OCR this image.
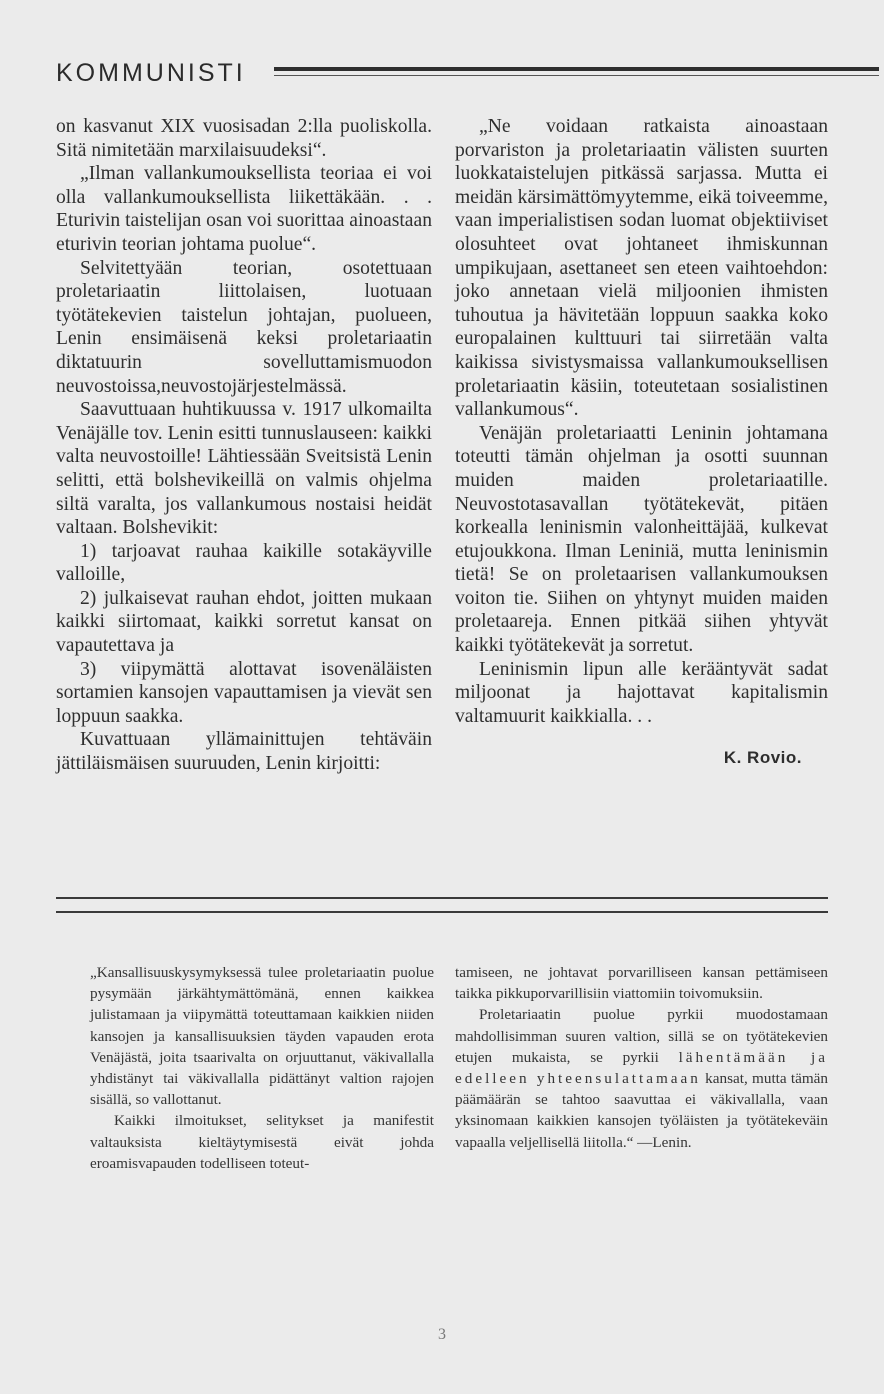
KOMMUNISTI

on kasvanut XIX vuosisadan 2:lla puoliskolla. Sitä nimitetään marxilaisuudeksi“.

„Ilman vallankumouksellista teoriaa ei voi olla vallankumouksellista liikettäkään. . . Eturivin taistelijan osan voi suorittaa ainoastaan eturivin teorian johtama puolue“.

Selvitettyään teorian, osotettuaan proletariaatin liittolaisen, luotuaan työtätekevien taistelun johtajan, puolueen, Lenin ensimäisenä keksi proletariaatin diktatuurin sovelluttamismuodon neuvostoissa,neuvostojärjestelmässä.

Saavuttuaan huhtikuussa v. 1917 ulkomailta Venäjälle tov. Lenin esitti tunnuslauseen: kaikki valta neuvostoille! Lähtiessään Sveitsistä Lenin selitti, että bolshevikeillä on valmis ohjelma siltä varalta, jos vallankumous nostaisi heidät valtaan. Bolshevikit:

1) tarjoavat rauhaa kaikille sotakäyville valloille,

2) julkaisevat rauhan ehdot, joitten mukaan kaikki siirtomaat, kaikki sorretut kansat on vapautettava ja

3) viipymättä alottavat isovenäläisten sortamien kansojen vapauttamisen ja vievät sen loppuun saakka.

Kuvattuaan yllämainittujen tehtäväin jättiläismäisen suuruuden, Lenin kirjoitti:

„Ne voidaan ratkaista ainoastaan porvariston ja proletariaatin välisten suurten luokkataistelujen pitkässä sarjassa. Mutta ei meidän kärsimättömyytemme, eikä toiveemme, vaan imperialistisen sodan luomat objektiiviset olosuhteet ovat johtaneet ihmiskunnan umpikujaan, asettaneet sen eteen vaihtoehdon: joko annetaan vielä miljoonien ihmisten tuhoutua ja hävitetään loppuun saakka koko europalainen kulttuuri tai siirretään valta kaikissa sivistysmaissa vallankumouksellisen proletariaatin käsiin, toteutetaan sosialistinen vallankumous“.

Venäjän proletariaatti Leninin johtamana toteutti tämän ohjelman ja osotti suunnan muiden maiden proletariaatille. Neuvostotasavallan työtätekevät, pitäen korkealla leninismin valonheittäjää, kulkevat etujoukkona. Ilman Leniniä, mutta leninismin tietä! Se on proletaarisen vallankumouksen voiton tie. Siihen on yhtynyt muiden maiden proletaareja. Ennen pitkää siihen yhtyvät kaikki työtätekevät ja sorretut.

Leninismin lipun alle kerääntyvät sadat miljoonat ja hajottavat kapitalismin valtamuurit kaikkialla. . .

K. Rovio.

„Kansallisuuskysymyksessä tulee proletariaatin puolue pysymään järkähtymättömänä, ennen kaikkea julistamaan ja viipymättä toteuttamaan kaikkien niiden kansojen ja kansallisuuksien täyden vapauden erota Venäjästä, joita tsaarivalta on orjuuttanut, väkivallalla yhdistänyt tai väkivallalla pidättänyt valtion rajojen sisällä, so vallottanut.

Kaikki ilmoitukset, selitykset ja manifestit valtauksista kieltäytymisestä eivät johda eroamisvapauden todelliseen toteut-

tamiseen, ne johtavat porvarilliseen kansan pettämiseen taikka pikkuporvarillisiin viattomiin toivomuksiin.

Proletariaatin puolue pyrkii muodostamaan mahdollisimman suuren valtion, sillä se on työtätekevien etujen mukaista, se pyrkii lähentämään ja edelleen yhteensulattamaan kansat, mutta tämän päämäärän se tahtoo saavuttaa ei väkivallalla, vaan yksinomaan kaikkien kansojen työläisten ja työtätekeväin vapaalla veljellisellä liitolla.“ —Lenin.

3
